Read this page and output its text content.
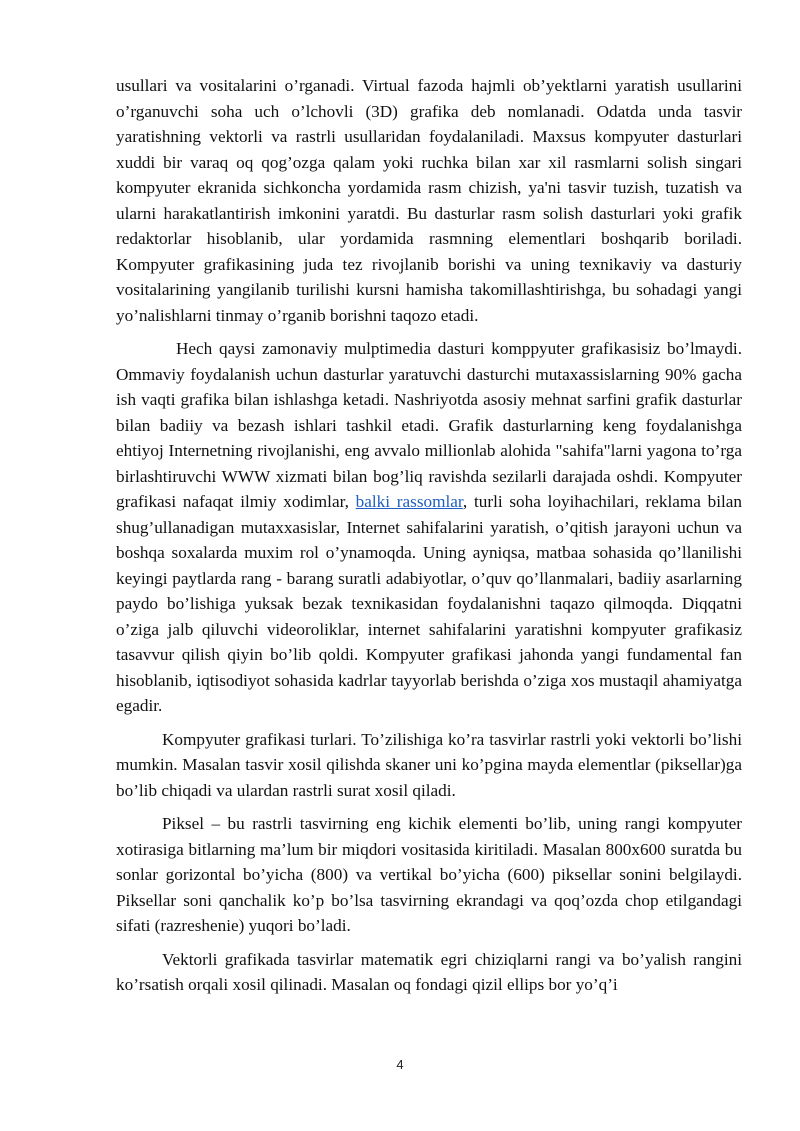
usullari va vositalarini o’rganadi. Virtual fazoda hajmli ob’yektlarni yaratish usullarini o’rganuvchi soha uch o’lchovli (3D) grafika deb nomlanadi. Odatda unda tasvir yaratishning vektorli va rastrli usullaridan foydalaniladi. Maxsus kompyuter dasturlari xuddi bir varaq oq qog’ozga qalam yoki ruchka bilan xar xil rasmlarni solish singari kompyuter ekranida sichkoncha yordamida rasm chizish, ya'ni tasvir tuzish, tuzatish va ularni harakatlantirish imkonini yaratdi. Bu dasturlar rasm solish dasturlari yoki grafik redaktorlar hisoblanib, ular yordamida rasmning elementlari boshqarib boriladi. Kompyuter grafikasining juda tez rivojlanib borishi va uning texnikaviy va dasturiy vositalarining yangilanib turilishi kursni hamisha takomillashtirishga, bu sohadagi yangi yo’nalishlarni tinmay o’rganib borishni taqozo etadi.

Hech qaysi zamonaviy mulptimedia dasturi komppyuter grafikasisiz bo’lmaydi. Ommaviy foydalanish uchun dasturlar yaratuvchi dasturchi mutaxassislarning 90% gacha ish vaqti grafika bilan ishlashga ketadi. Nashriyotda asosiy mehnat sarfini grafik dasturlar bilan badiiy va bezash ishlari tashkil etadi. Grafik dasturlarning keng foydalanishga ehtiyoj Internetning rivojlanishi, eng avvalo millionlab alohida "sahifa"larni yagona to’rga birlashtiruvchi WWW xizmati bilan bog’liq ravishda sezilarli darajada oshdi. Kompyuter grafikasi nafaqat ilmiy xodimlar, balki rassomlar, turli soha loyihachilari, reklama bilan shug’ullanadigan mutaxxasislar, Internet sahifalarini yaratish, o’qitish jarayoni uchun va boshqa soxalarda muxim rol o’ynamoqda. Uning ayniqsa, matbaa sohasida qo’llanilishi keyingi paytlarda rang - barang suratli adabiyotlar, o’quv qo’llanmalari, badiiy asarlarning paydo bo’lishiga yuksak bezak texnikasidan foydalanishni taqazo qilmoqda. Diqqatni o’ziga jalb qiluvchi videoroliklar, internet sahifalarini yaratishni kompyuter grafikasiz tasavvur qilish qiyin bo’lib qoldi. Kompyuter grafikasi jahonda yangi fundamental fan hisoblanib, iqtisodiyot sohasida kadrlar tayyorlab berishda o’ziga xos mustaqil ahamiyatga egadir.

Kompyuter grafikasi turlari. To’zilishiga ko’ra tasvirlar rastrli yoki vektorli bo’lishi mumkin. Masalan tasvir xosil qilishda skaner uni ko’pgina mayda elementlar (piksellar)ga bo’lib chiqadi va ulardan rastrli surat xosil qiladi.

Piksel – bu rastrli tasvirning eng kichik elementi bo’lib, uning rangi kompyuter xotirasiga bitlarning ma’lum bir miqdori vositasida kiritiladi. Masalan 800x600 suratda bu sonlar gorizontal bo’yicha (800) va vertikal bo’yicha (600) piksellar sonini belgilaydi. Piksellar soni qanchalik ko’p bo’lsa tasvirning ekrandagi va qoq’ozda chop etilgandagi sifati (razreshenie) yuqori bo’ladi.

Vektorli grafikada tasvirlar matematik egri chiziqlarni rangi va bo’yalish rangini ko’rsatish orqali xosil qilinadi. Masalan oq fondagi qizil ellips bor yo’q’i

4
